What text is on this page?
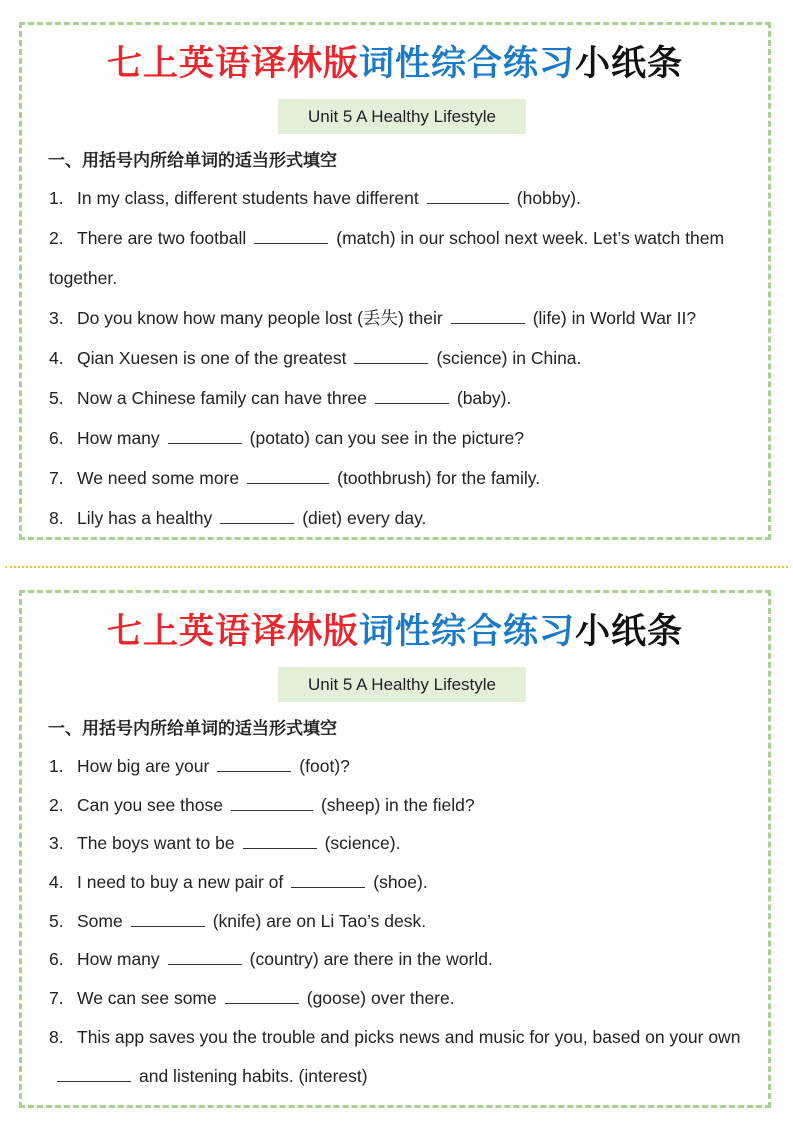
七上英语译林版词性综合练习小纸条
Unit 5 A Healthy Lifestyle
一、用括号内所给单词的适当形式填空
1. In my class, different students have different	(hobby).
2. There are two football	(match) in our school next week. Let’s watch them together.
3. Do you know how many people lost (丢失) their	(life) in World War II?
4. Qian Xuesen is one of the greatest	(science) in China.
5. Now a Chinese family can have three	(baby).
6. How many	(potato) can you see in the picture?
7. We need some more	(toothbrush) for the family.
8. Lily has a healthy	(diet) every day.
七上英语译林版词性综合练习小纸条
Unit 5 A Healthy Lifestyle
一、用括号内所给单词的适当形式填空
1. How big are your	(foot)?
2. Can you see those	(sheep) in the field?
3. The boys want to be	(science).
4. I need to buy a new pair of	(shoe).
5. Some	(knife) are on Li Tao’s desk.
6. How many	(country) are there in the world.
7. We can see some	(goose) over there.
8. This app saves you the trouble and picks news and music for you, based on your ownand listening habits. (interest)
